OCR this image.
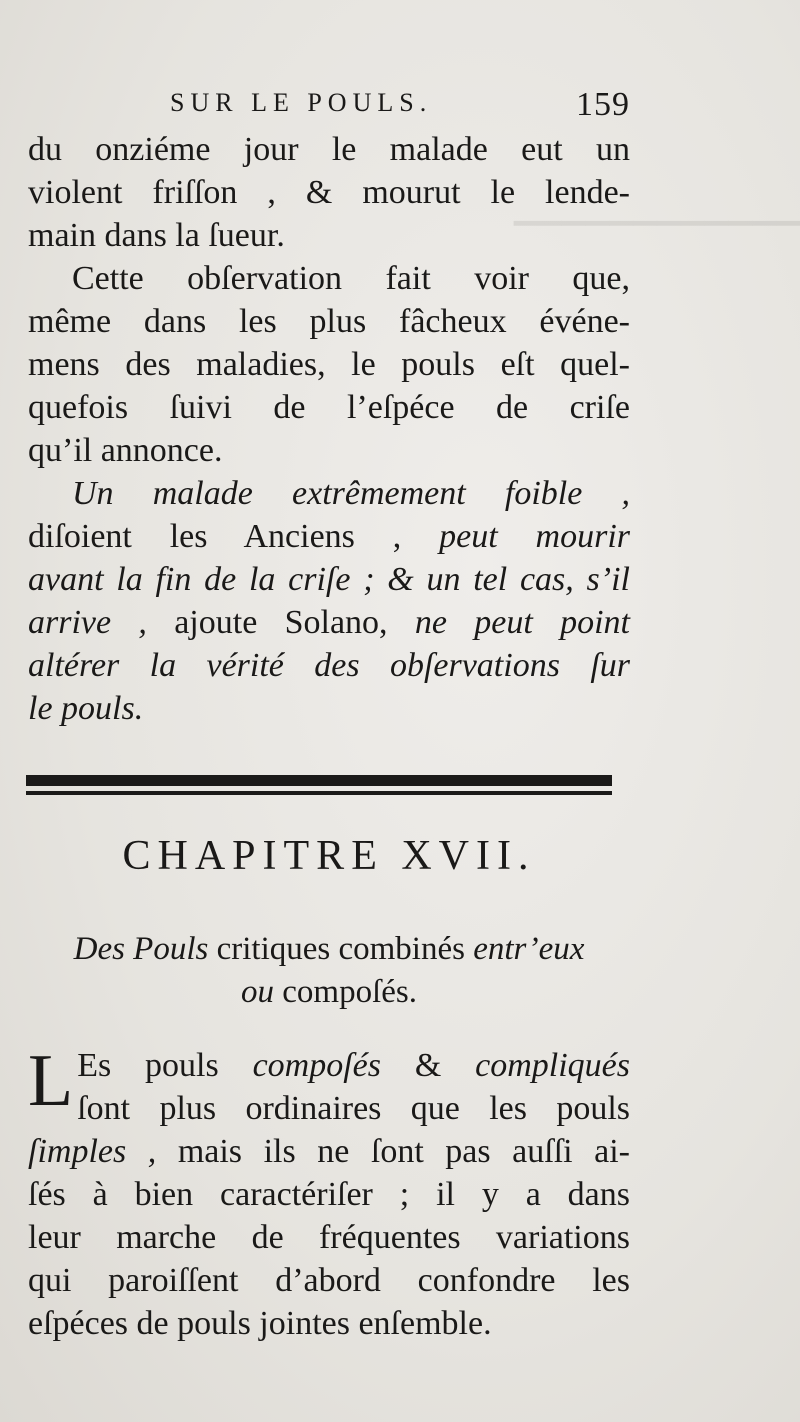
▁▁▁▁▁▁▁▁▁▁▁▁

SUR LE POULS.	159

du onziéme jour le malade eut un
violent friſſon , & mourut le lende-
main dans la ſueur.

Cette obſervation fait voir que,
même dans les plus fâcheux événe-
mens des maladies, le pouls eſt quel-
quefois ſuivi de l’eſpéce de criſe
qu’il annonce.

Un malade extrêmement foible ,
diſoient les Anciens , peut mourir
avant la fin de la criſe ; & un tel cas, s’il
arrive , ajoute Solano, ne peut point
altérer la vérité des obſervations ſur
le pouls.

CHAPITRE XVII.
Des Pouls critiques combinés entr’eux
ou compoſés.

L Es pouls compoſés & compliqués
ſont plus ordinaires que les pouls
ſimples , mais ils ne ſont pas auſſi ai-
ſés à bien caractériſer ; il y a dans
leur marche de fréquentes variations
qui paroiſſent d’abord confondre les
eſpéces de pouls jointes enſemble.
